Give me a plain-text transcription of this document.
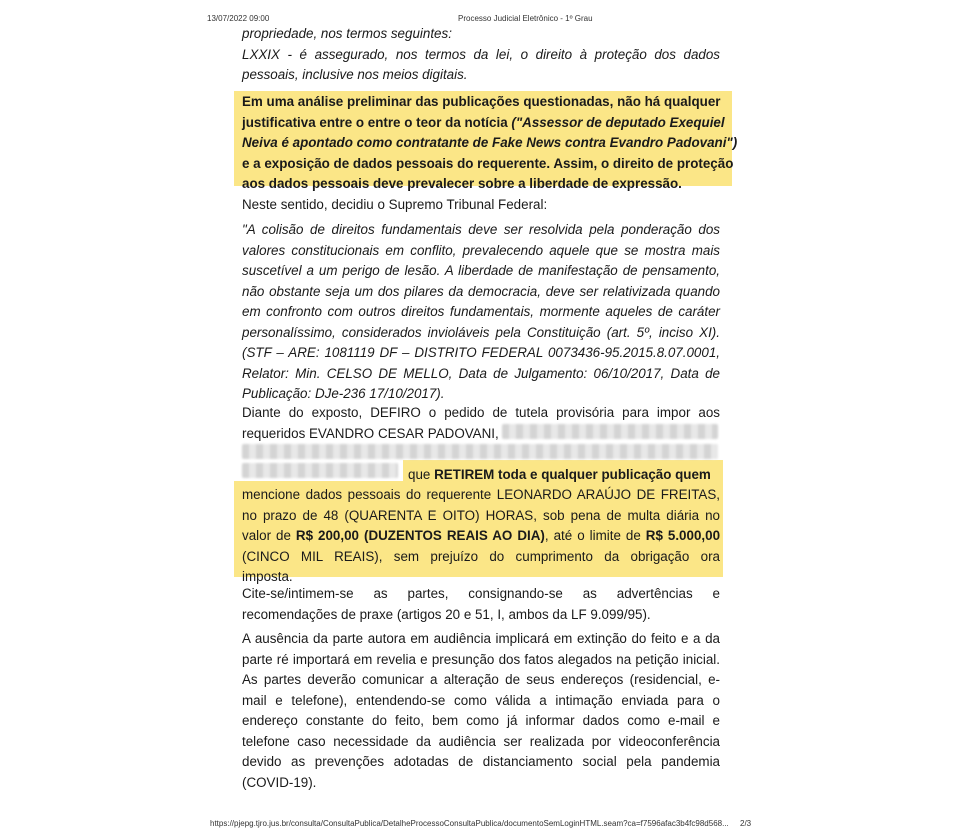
13/07/2022 09:00	Processo Judicial Eletrônico - 1º Grau
propriedade, nos termos seguintes:
LXXIX - é assegurado, nos termos da lei, o direito à proteção dos dados
pessoais, inclusive nos meios digitais.
Em uma análise preliminar das publicações questionadas, não há qualquer
justificativa entre o entre o teor da notícia ("Assessor de deputado Exequiel
Neiva é apontado como contratante de Fake News contra Evandro Padovani")
e a exposição de dados pessoais do requerente. Assim, o direito de proteção
aos dados pessoais deve prevalecer sobre a liberdade de expressão.
Neste sentido, decidiu o Supremo Tribunal Federal:
"A colisão de direitos fundamentais deve ser resolvida pela ponderação dos
valores constitucionais em conflito, prevalecendo aquele que se mostra mais
suscetível a um perigo de lesão. A liberdade de manifestação de pensamento,
não obstante seja um dos pilares da democracia, deve ser relativizada quando
em confronto com outros direitos fundamentais, mormente aqueles de caráter
personalíssimo, considerados invioláveis pela Constituição (art. 5º, inciso XI).
(STF – ARE: 1081119 DF – DISTRITO FEDERAL 0073436-95.2015.8.07.0001,
Relator: Min. CELSO DE MELLO, Data de Julgamento: 06/10/2017, Data de
Publicação: DJe-236 17/10/2017).
Diante do exposto, DEFIRO o pedido de tutela provisória para impor aos
requeridos EVANDRO CESAR PADOVANI,

que RETIREM toda e qualquer publicação quem
mencione dados pessoais do requerente LEONARDO ARAÚJO DE FREITAS,
no prazo de 48 (QUARENTA E OITO) HORAS, sob pena de multa diária no
valor de R$ 200,00 (DUZENTOS REAIS AO DIA), até o limite de R$ 5.000,00
(CINCO MIL REAIS), sem prejuízo do cumprimento da obrigação ora
imposta.
Cite-se/intimem-se as partes, consignando-se as advertências e
recomendações de praxe (artigos 20 e 51, I, ambos da LF 9.099/95).
A ausência da parte autora em audiência implicará em extinção do feito e a da
parte ré importará em revelia e presunção dos fatos alegados na petição inicial.
As partes deverão comunicar a alteração de seus endereços (residencial, e-
mail e telefone), entendendo-se como válida a intimação enviada para o
endereço constante do feito, bem como já informar dados como e-mail e
telefone caso necessidade da audiência ser realizada por videoconferência
devido as prevenções adotadas de distanciamento social pela pandemia
(COVID-19).
https://pjepg.tjro.jus.br/consulta/ConsultaPublica/DetalheProcessoConsultaPublica/documentoSemLoginHTML.seam?ca=f7596afac3b4fc98d568... 2/3
